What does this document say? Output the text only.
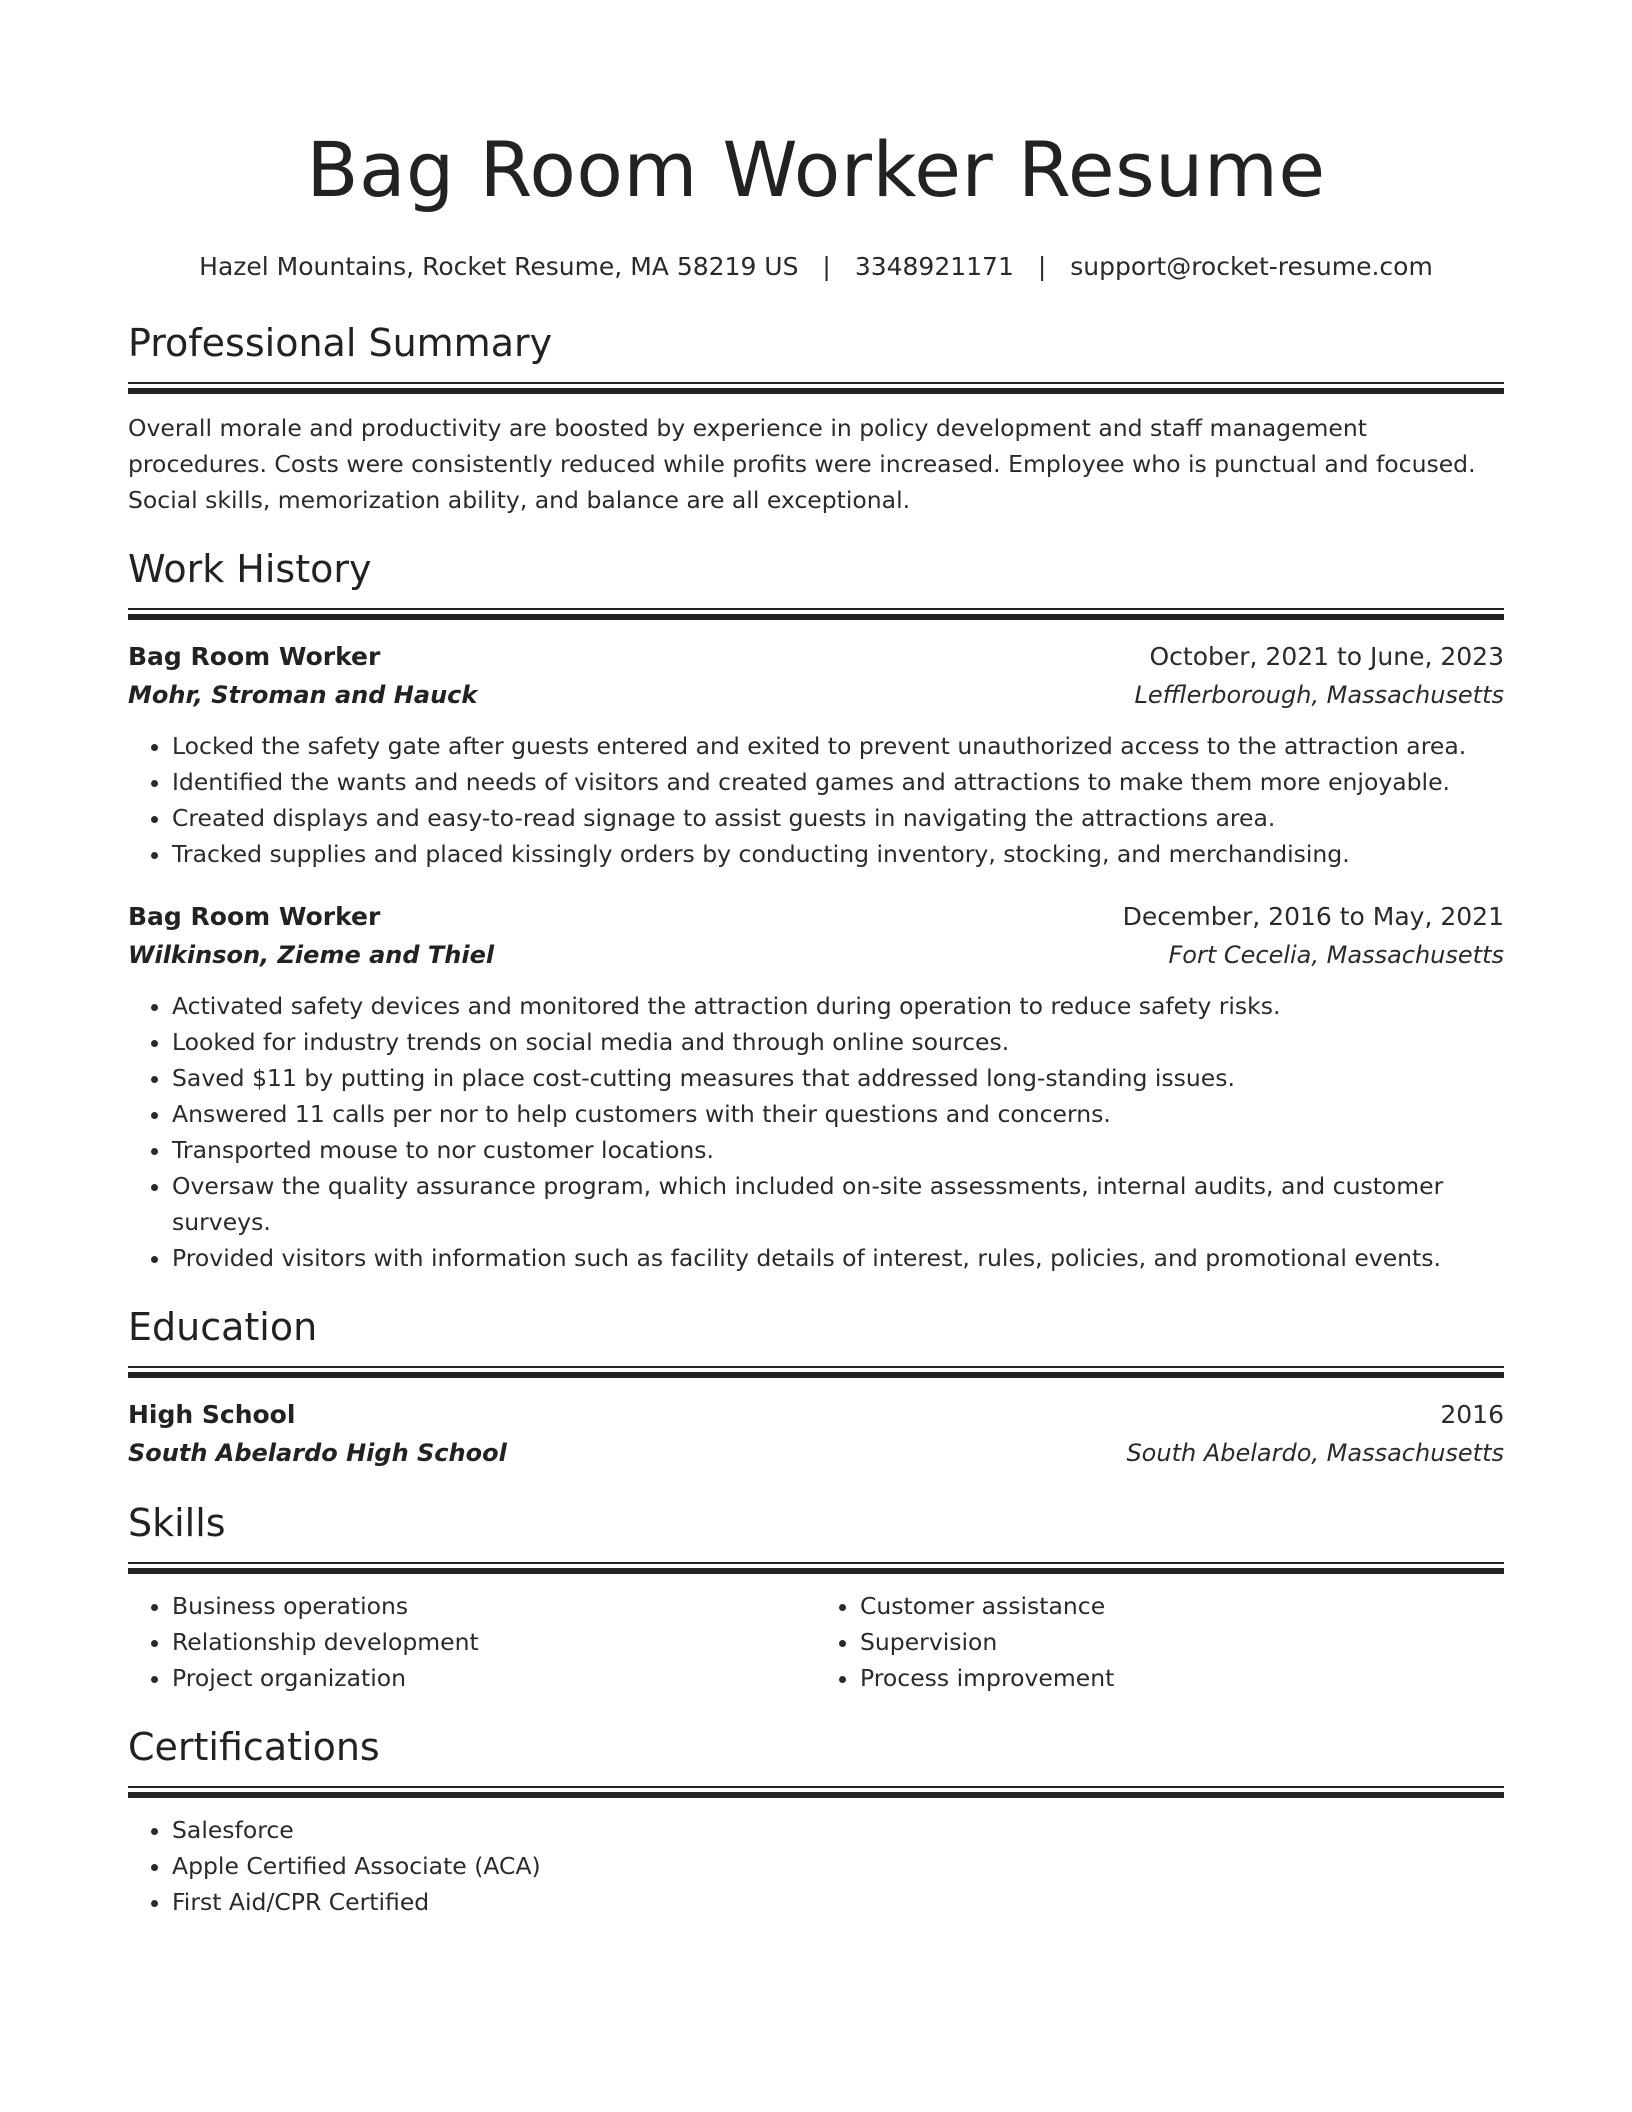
Bag Room Worker Resume
Hazel Mountains, Rocket Resume, MA 58219 US | 3348921171 | support@rocket-resume.com
Professional Summary
Overall morale and productivity are boosted by experience in policy development and staff management procedures. Costs were consistently reduced while profits were increased. Employee who is punctual and focused. Social skills, memorization ability, and balance are all exceptional.
Work History
Bag Room Worker	October, 2021 to June, 2023
Mohr, Stroman and Hauck	Lefflerborough, Massachusetts
• Locked the safety gate after guests entered and exited to prevent unauthorized access to the attraction area.
• Identified the wants and needs of visitors and created games and attractions to make them more enjoyable.
• Created displays and easy-to-read signage to assist guests in navigating the attractions area.
• Tracked supplies and placed kissingly orders by conducting inventory, stocking, and merchandising.
Bag Room Worker	December, 2016 to May, 2021
Wilkinson, Zieme and Thiel	Fort Cecelia, Massachusetts
• Activated safety devices and monitored the attraction during operation to reduce safety risks.
• Looked for industry trends on social media and through online sources.
• Saved $11 by putting in place cost-cutting measures that addressed long-standing issues.
• Answered 11 calls per nor to help customers with their questions and concerns.
• Transported mouse to nor customer locations.
• Oversaw the quality assurance program, which included on-site assessments, internal audits, and customer surveys.
• Provided visitors with information such as facility details of interest, rules, policies, and promotional events.
Education
High School	2016
South Abelardo High School	South Abelardo, Massachusetts
Skills
• Business operations
• Relationship development
• Project organization
• Customer assistance
• Supervision
• Process improvement
Certifications
• Salesforce
• Apple Certified Associate (ACA)
• First Aid/CPR Certified
